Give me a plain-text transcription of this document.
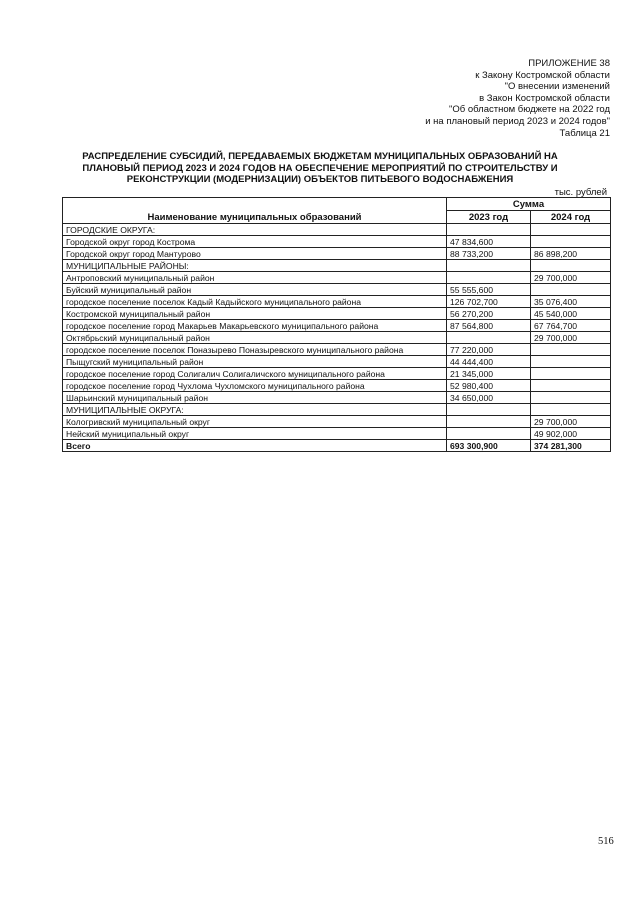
ПРИЛОЖЕНИЕ 38
к Закону Костромской области
"О внесении изменений
в Закон Костромской области
"Об областном бюджете на 2022 год
и на плановый период 2023 и 2024 годов"
Таблица 21
РАСПРЕДЕЛЕНИЕ СУБСИДИЙ, ПЕРЕДАВАЕМЫХ БЮДЖЕТАМ МУНИЦИПАЛЬНЫХ ОБРАЗОВАНИЙ НА ПЛАНОВЫЙ ПЕРИОД 2023 И 2024 ГОДОВ НА ОБЕСПЕЧЕНИЕ МЕРОПРИЯТИЙ ПО СТРОИТЕЛЬСТВУ И РЕКОНСТРУКЦИИ (МОДЕРНИЗАЦИИ) ОБЪЕКТОВ ПИТЬЕВОГО ВОДОСНАБЖЕНИЯ
тыс. рублей
Наименование муниципальных образований	Сумма	
	2023 год	2024 год
ГОРОДСКИЕ ОКРУГА:		
Городской округ город Кострома	47 834,600	
Городской округ город Мантурово	88 733,200	86 898,200
МУНИЦИПАЛЬНЫЕ РАЙОНЫ:		
Антроповский муниципальный район		29 700,000
Буйский муниципальный район	55 555,600	
городское поселение поселок Кадый Кадыйского муниципального района	126 702,700	35 076,400
Костромской муниципальный район	56 270,200	45 540,000
городское поселение город Макарьев Макарьевского муниципального района	87 564,800	67 764,700
Октябрьский муниципальный район		29 700,000
городское поселение поселок Поназырево Поназыревского муниципального района	77 220,000	
Пыщугский муниципальный район	44 444,400	
городское поселение город Солигалич Солигаличского муниципального района	21 345,000	
городское поселение город Чухлома Чухломского муниципального района	52 980,400	
Шарьинский муниципальный район	34 650,000	
МУНИЦИПАЛЬНЫЕ ОКРУГА:		
Кологривский муниципальный округ		29 700,000
Нейский муниципальный округ		49 902,000
Всего	693 300,900	374 281,300
516
